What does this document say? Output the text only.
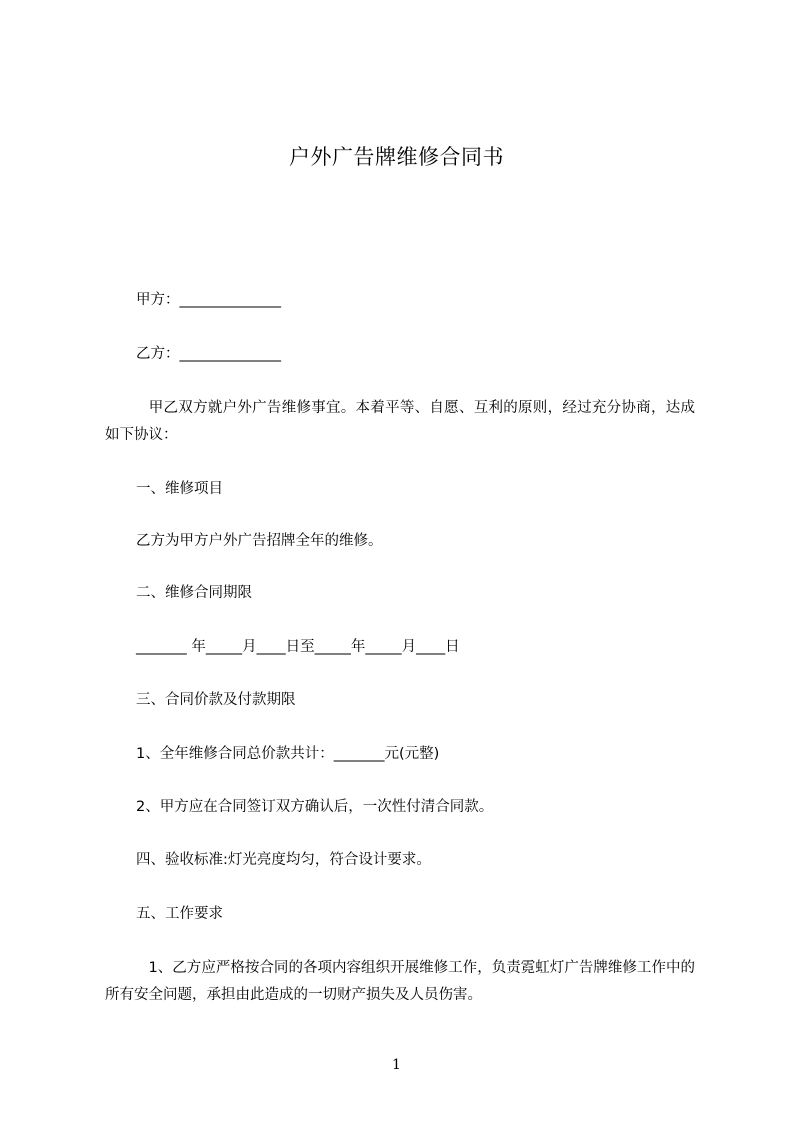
户外广告牌维修合同书
甲方：______________
乙方：______________
　甲乙双方就户外广告维修事宜。本着平等、自愿、互利的原则，经过充分协商，达成如下协议：
一、维修项目
乙方为甲方户外广告招牌全年的维修。
二、维修合同期限
_______ 年_____月____日至_____年_____月____日
三、合同价款及付款期限
1、全年维修合同总价款共计：_______元(元整)
2、甲方应在合同签订双方确认后，一次性付清合同款。
四、验收标准:灯光亮度均匀，符合设计要求。
五、工作要求
　1、乙方应严格按合同的各项内容组织开展维修工作，负责霓虹灯广告牌维修工作中的所有安全问题，承担由此造成的一切财产损失及人员伤害。
1
